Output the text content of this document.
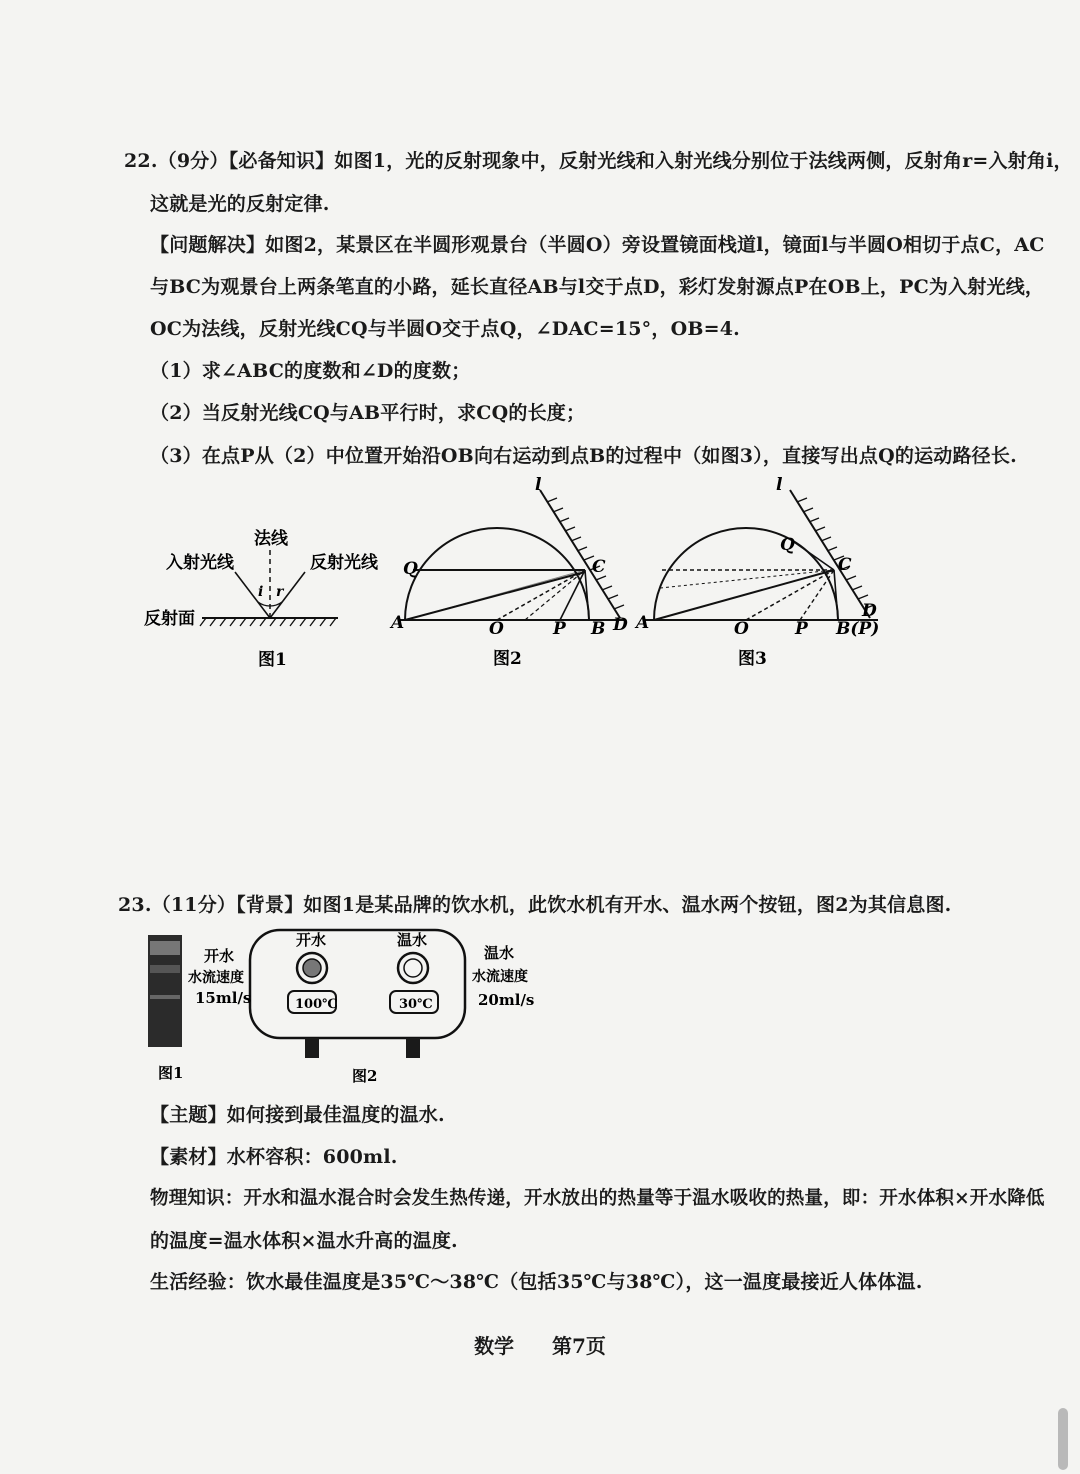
22.（9分）【必备知识】如图1，光的反射现象中，反射光线和入射光线分别位于法线两侧，反射角r=入射角i，
这就是光的反射定律.
【问题解决】如图2，某景区在半圆形观景台（半圆O）旁设置镜面栈道l，镜面l与半圆O相切于点C，AC
与BC为观景台上两条笔直的小路，延长直径AB与l交于点D，彩灯发射源点P在OB上，PC为入射光线，
OC为法线，反射光线CQ与半圆O交于点Q，∠DAC=15°，OB=4.
（1）求∠ABC的度数和∠D的度数；
（2）当反射光线CQ与AB平行时，求CQ的长度；
（3）在点P从（2）中位置开始沿OB向右运动到点B的过程中（如图3），直接写出点Q的运动路径长.
法线
入射光线	反射光线
反射面
i r
图1
l
Q	C
A	O	P B D
图2
l
Q
C
A	O	P B(P)
D
图3
23.（11分）【背景】如图1是某品牌的饮水机，此饮水机有开水、温水两个按钮，图2为其信息图.
开水	温水
100℃	30℃
开水
水流速度
15ml/s
温水
水流速度
20ml/s
图1	图2
【主题】如何接到最佳温度的温水.
【素材】水杯容积：600ml.
物理知识：开水和温水混合时会发生热传递，开水放出的热量等于温水吸收的热量，即：开水体积×开水降低
的温度=温水体积×温水升高的温度.
生活经验：饮水最佳温度是35℃～38℃（包括35℃与38℃），这一温度最接近人体体温.
数学 第7页
